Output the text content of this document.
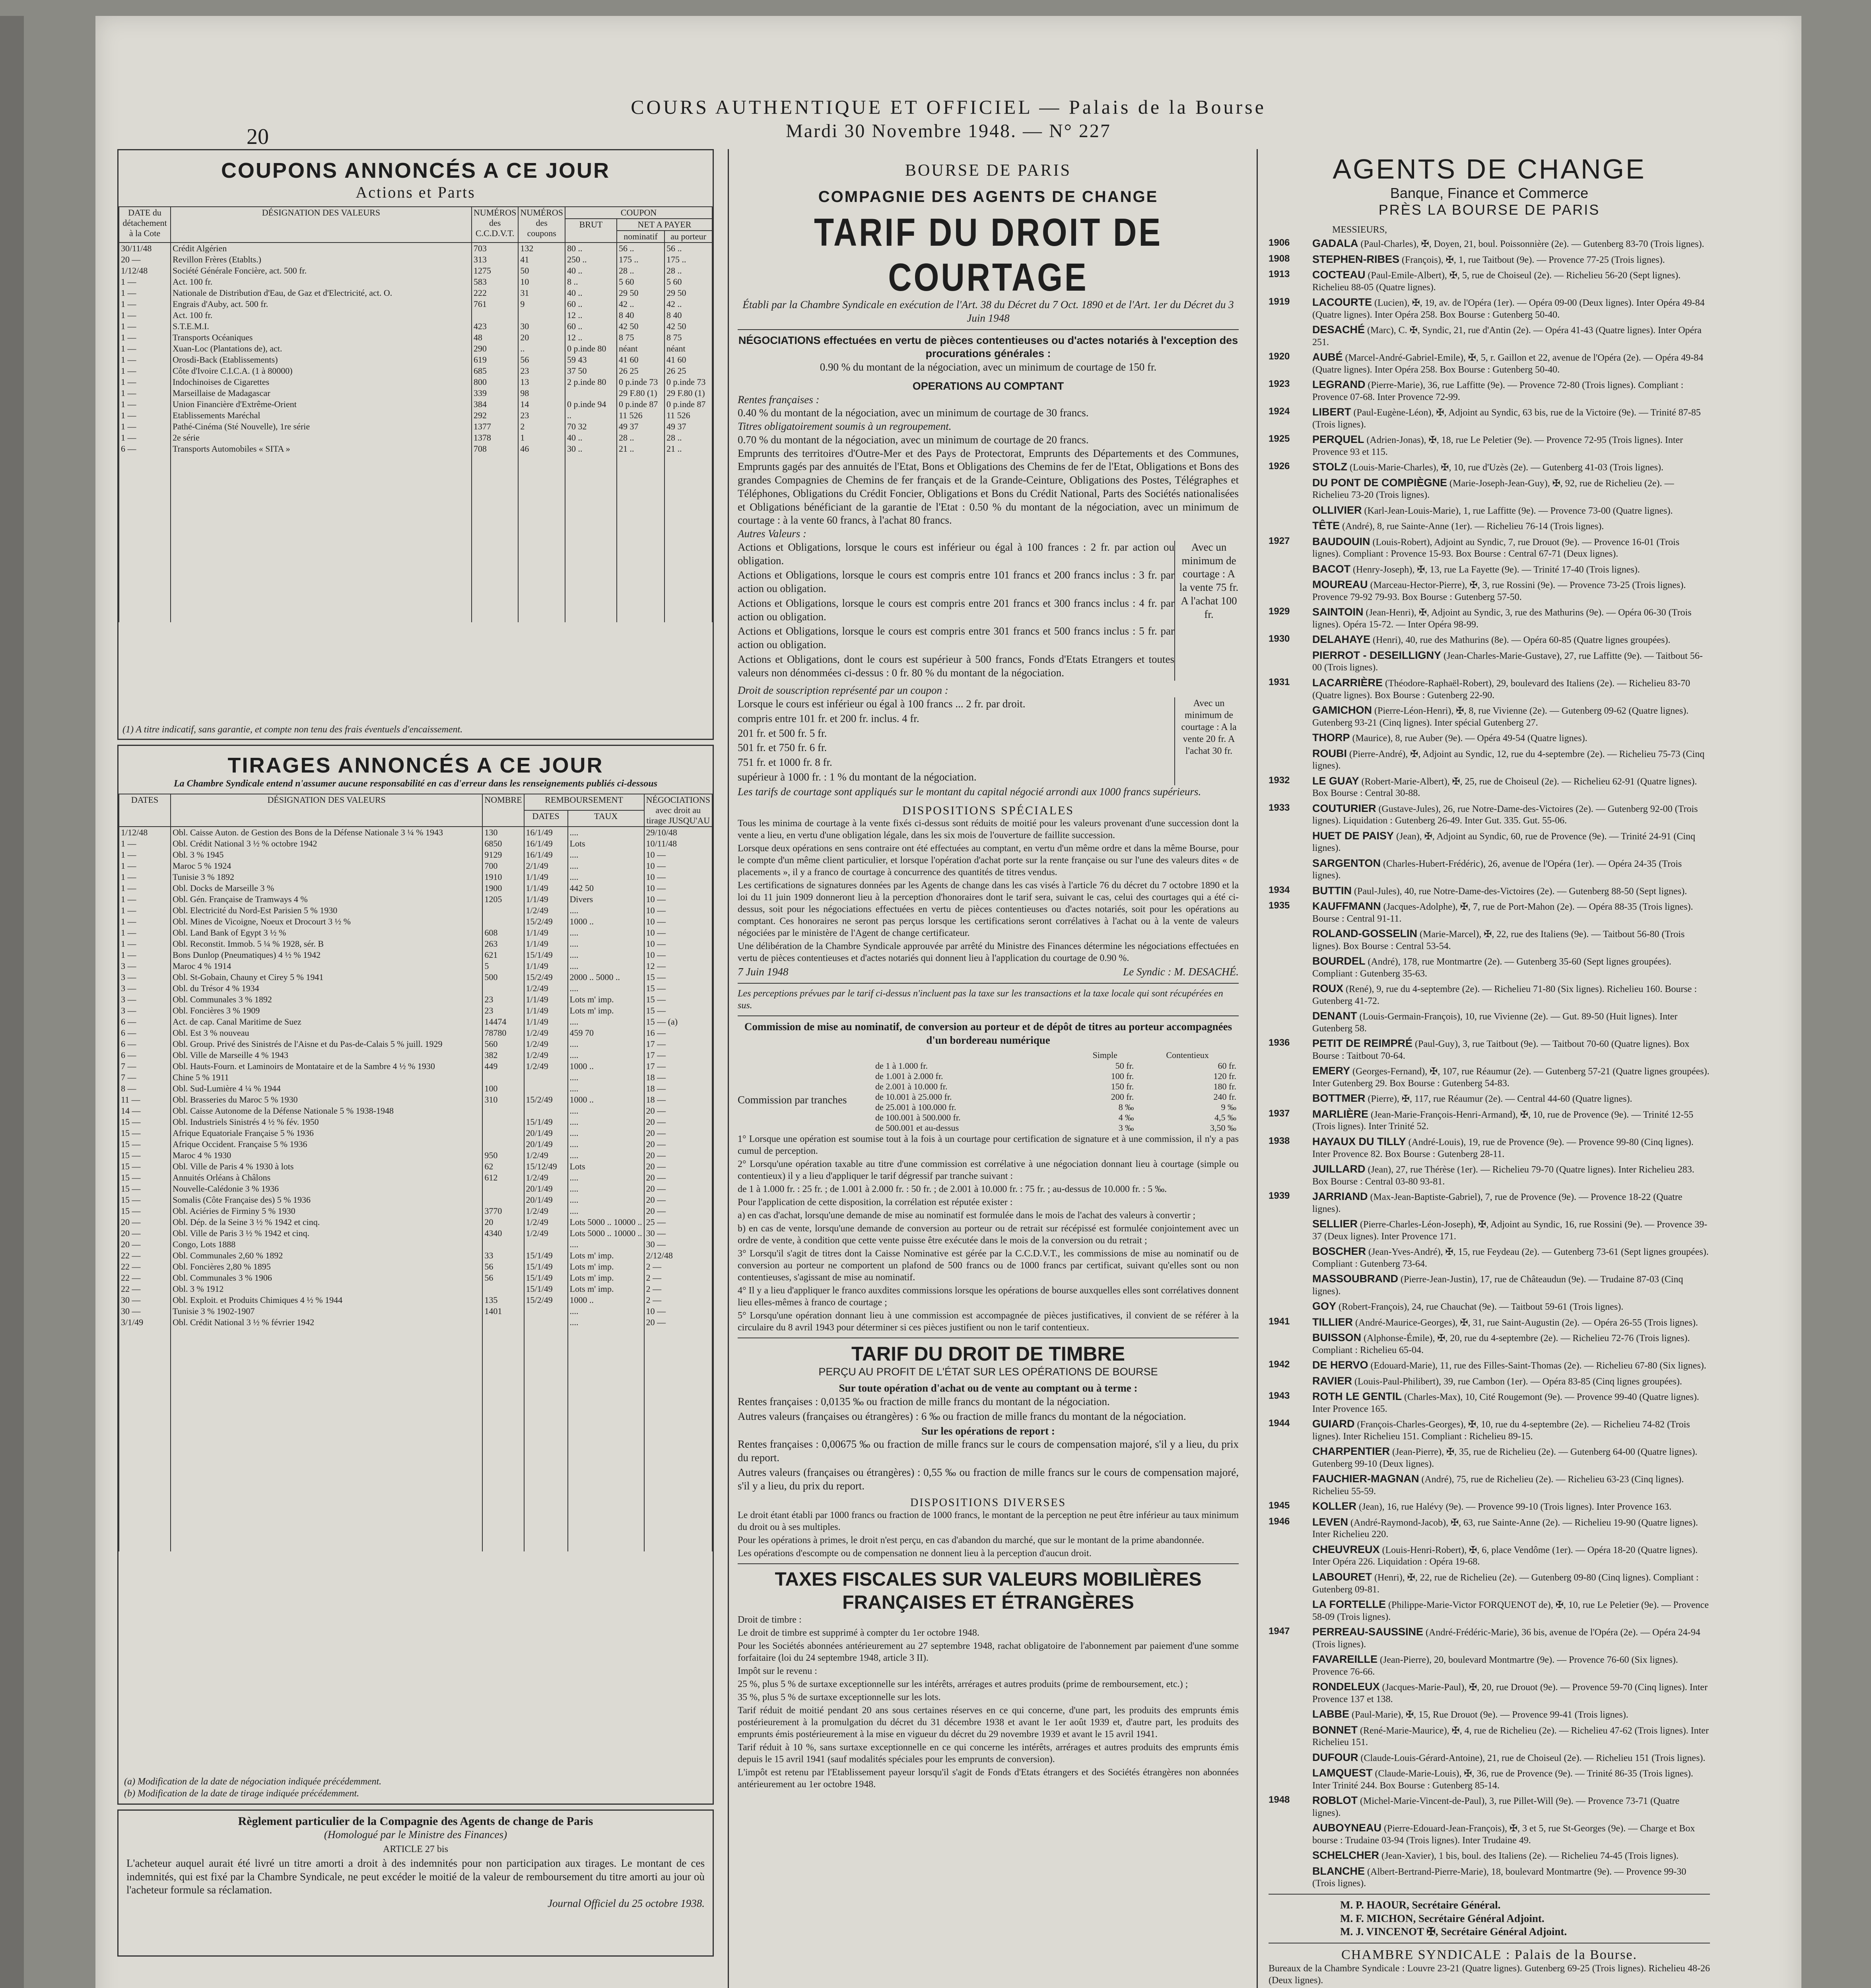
COURS AUTHENTIQUE ET OFFICIEL — Palais de la Bourse
Mardi 30 Novembre 1948. — N° 227
20
COUPONS ANNONCÉS A CE JOUR
Actions et Parts
DATE du détachement à la Cote	DÉSIGNATION DES VALEURS	NUMÉROS des C.C.D.V.T.	NUMÉROS des coupons	COUPON		
				BRUT	NET A PAYER	
					nominatif	au porteur
30/11/48	Crédit Algérien	703	132	80 ..	56 ..	56 ..
20 —	Revillon Frères (Etablts.)	313	41	250 ..	175 ..	175 ..
1/12/48	Société Générale Foncière, act. 500 fr.	1275	50	40 ..	28 ..	28 ..
1 —	Act. 100 fr.	583	10	8 ..	5 60	5 60
1 —	Nationale de Distribution d'Eau, de Gaz et d'Electricité, act. O.	222	31	40 ..	29 50	29 50
1 —	Engrais d'Auby, act. 500 fr.	761	9	60 ..	42 ..	42 ..
1 —	Act. 100 fr.			12 ..	8 40	8 40
1 —	S.T.E.M.I.	423	30	60 ..	42 50	42 50
1 —	Transports Océaniques	48	20	12 ..	8 75	8 75
1 —	Xuan-Loc (Plantations de), act.	290	..	0 p.inde 80	néant	néant
1 —	Orosdi-Back (Etablissements)	619	56	59 43	41 60	41 60
1 —	Côte d'Ivoire C.I.C.A. (1 à 80000)	685	23	37 50	26 25	26 25
1 —	Indochinoises de Cigarettes	800	13	2 p.inde 80	0 p.inde 73	0 p.inde 73
1 —	Marseillaise de Madagascar	339	98		29 F.80 (1)	29 F.80 (1)
1 —	Union Financière d'Extrême-Orient	384	14	0 p.inde 94	0 p.inde 87	0 p.inde 87
1 —	Etablissements Maréchal	292	23	..	11 526	11 526
1 —	Pathé-Cinéma (Sté Nouvelle), 1re série	1377	2	70 32	49 37	49 37
1 —	2e série	1378	1	40 ..	28 ..	28 ..
6 —	Transports Automobiles « SITA »	708	46	30 ..	21 ..	21 ..

(1) A titre indicatif, sans garantie, et compte non tenu des frais éventuels d'encaissement.
TIRAGES ANNONCÉS A CE JOUR
La Chambre Syndicale entend n'assumer aucune responsabilité en cas d'erreur dans les renseignements publiés ci-dessous
DATES	DÉSIGNATION DES VALEURS	NOMBRE	REMBOURSEMENT		NÉGOCIATIONS avec droit au tirage JUSQU'AU
			DATES	TAUX	
1/12/48	Obl. Caisse Auton. de Gestion des Bons de la Défense Nationale 3 ¼ % 1943	130	16/1/49	....	29/10/48
1 —	Obl. Crédit National 3 ½ % octobre 1942	6850	16/1/49	Lots	10/11/48
1 —	Obl. 3 % 1945	9129	16/1/49	....	10 —
1 —	Maroc 5 % 1924	700	2/1/49	....	10 —
1 —	Tunisie 3 % 1892	1910	1/1/49	....	10 —
1 —	Obl. Docks de Marseille 3 %	1900	1/1/49	442 50	10 —
1 —	Obl. Gén. Française de Tramways 4 %	1205	1/1/49	Divers	10 —
1 —	Obl. Electricité du Nord-Est Parisien 5 % 1930		1/2/49	....	10 —
1 —	Obl. Mines de Vicoigne, Noeux et Drocourt 3 ½ %		15/2/49	1000 ..	10 —
1 —	Obl. Land Bank of Egypt 3 ½ %	608	1/1/49	....	10 —
1 —	Obl. Reconstit. Immob. 5 ¼ % 1928, sér. B	263	1/1/49	....	10 —
1 —	Bons Dunlop (Pneumatiques) 4 ½ % 1942	621	15/1/49	....	10 —
3 —	Maroc 4 % 1914	5	1/1/49	....	12 —
3 —	Obl. St-Gobain, Chauny et Cirey 5 % 1941	500	15/2/49	2000 .. 5000 ..	15 —
3 —	Obl. du Trésor 4 % 1934		1/2/49	....	15 —
3 —	Obl. Communales 3 % 1892	23	1/1/49	Lots m' imp.	15 —
3 —	Obl. Foncières 3 % 1909	23	1/1/49	Lots m' imp.	15 —
6 —	Act. de cap. Canal Maritime de Suez	14474	1/1/49	....	15 — (a)
6 —	Obl. Est 3 % nouveau	78780	1/2/49	459 70	16 —
6 —	Obl. Group. Privé des Sinistrés de l'Aisne et du Pas-de-Calais 5 % juill. 1929	560	1/2/49	....	17 —
6 —	Obl. Ville de Marseille 4 % 1943	382	1/2/49	....	17 —
7 —	Obl. Hauts-Fourn. et Laminoirs de Montataire et de la Sambre 4 ½ % 1930	449	1/2/49	1000 ..	17 —
7 —	Chine 5 % 1911			....	18 —
8 —	Obl. Sud-Lumière 4 ¼ % 1944	100		....	18 —
11 —	Obl. Brasseries du Maroc 5 % 1930	310	15/2/49	1000 ..	18 —
14 —	Obl. Caisse Autonome de la Défense Nationale 5 % 1938-1948			....	20 —
15 —	Obl. Industriels Sinistrés 4 ½ % fév. 1950		15/1/49	....	20 —
15 —	Afrique Equatoriale Française 5 % 1936		20/1/49	....	20 —
15 —	Afrique Occident. Française 5 % 1936		20/1/49	....	20 —
15 —	Maroc 4 % 1930	950	1/2/49	....	20 —
15 —	Obl. Ville de Paris 4 % 1930 à lots	62	15/12/49	Lots	20 —
15 —	Annuités Orléans à Châlons	612	1/2/49	....	20 —
15 —	Nouvelle-Calédonie 3 % 1936		20/1/49	....	20 —
15 —	Somalis (Côte Française des) 5 % 1936		20/1/49	....	20 —
15 —	Obl. Aciéries de Firminy 5 % 1930	3770	1/2/49	....	20 —
20 —	Obl. Dép. de la Seine 3 ½ % 1942 et cinq.	20	1/2/49	Lots 5000 .. 10000 ..	25 —
20 —	Obl. Ville de Paris 3 ½ % 1942 et cinq.	4340	1/2/49	Lots 5000 .. 10000 ..	30 —
20 —	Congo, Lots 1888			....	30 —
22 —	Obl. Communales 2,60 % 1892	33	15/1/49	Lots m' imp.	2/12/48
22 —	Obl. Foncières 2,80 % 1895	56	15/1/49	Lots m' imp.	2 —
22 —	Obl. Communales 3 % 1906	56	15/1/49	Lots m' imp.	2 —
22 —	Obl. 3 % 1912		15/1/49	Lots m' imp.	2 —
30 —	Obl. Exploit. et Produits Chimiques 4 ½ % 1944	135	15/2/49	1000 ..	2 —
30 —	Tunisie 3 % 1902-1907	1401		....	10 —
3/1/49	Obl. Crédit National 3 ½ % février 1942			....	20 —

(a) Modification de la date de négociation indiquée précédemment.
(b) Modification de la date de tirage indiquée précédemment.
Règlement particulier de la Compagnie des Agents de change de Paris
(Homologué par le Ministre des Finances)
ARTICLE 27 bis
L'acheteur auquel aurait été livré un titre amorti a droit à des indemnités pour non participation aux tirages. Le montant de ces indemnités, qui est fixé par la Chambre Syndicale, ne peut excéder le moitié de la valeur de remboursement du titre amorti au jour où l'acheteur formule sa réclamation.
Journal Officiel du 25 octobre 1938.
BOURSE DE PARIS
COMPAGNIE DES AGENTS DE CHANGE
TARIF DU DROIT DE COURTAGE
Établi par la Chambre Syndicale en exécution de l'Art. 38 du Décret du 7 Oct. 1890 et de l'Art. 1er du Décret du 3 Juin 1948
NÉGOCIATIONS effectuées en vertu de pièces contentieuses ou d'actes notariés à l'exception des procurations générales :
0.90 % du montant de la négociation, avec un minimum de courtage de 150 fr.
OPERATIONS AU COMPTANT
Rentes françaises :
0.40 % du montant de la négociation, avec un minimum de courtage de 30 francs.
Titres obligatoirement soumis à un regroupement.
0.70 % du montant de la négociation, avec un minimum de courtage de 20 francs.
Emprunts des territoires d'Outre-Mer et des Pays de Protectorat, Emprunts des Départements et des Communes, Emprunts gagés par des annuités de l'Etat, Bons et Obligations des Chemins de fer de l'Etat, Obligations et Bons des grandes Compagnies de Chemins de fer français et de la Grande-Ceinture, Obligations des Postes, Télégraphes et Téléphones, Obligations du Crédit Foncier, Obligations et Bons du Crédit National, Parts des Sociétés nationalisées et Obligations bénéficiant de la garantie de l'Etat : 0.50 % du montant de la négociation, avec un minimum de courtage : à la vente 60 francs, à l'achat 80 francs.
Autres Valeurs :
Actions et Obligations, lorsque le cours est inférieur ou égal à 100 frances : 2 fr. par action ou obligation.
Actions et Obligations, lorsque le cours est compris entre 101 francs et 200 francs inclus : 3 fr. par action ou obligation.
Actions et Obligations, lorsque le cours est compris entre 201 francs et 300 francs inclus : 4 fr. par action ou obligation.
Actions et Obligations, lorsque le cours est compris entre 301 francs et 500 francs inclus : 5 fr. par action ou obligation.
Actions et Obligations, dont le cours est supérieur à 500 francs, Fonds d'Etats Etrangers et toutes valeurs non dénommées ci-dessus : 0 fr. 80 % du montant de la négociation.
Avec un minimum de courtage : A la vente 75 fr. A l'achat 100 fr.
Droit de souscription représenté par un coupon :
Lorsque le cours est inférieur ou égal à 100 francs ... 2 fr. par droit.
compris entre 101 fr. et 200 fr. inclus. 4 fr.
201 fr. et 500 fr. 5 fr.
501 fr. et 750 fr. 6 fr.
751 fr. et 1000 fr. 8 fr.
supérieur à 1000 fr. : 1 % du montant de la négociation.
Avec un minimum de courtage : A la vente 20 fr. A l'achat 30 fr.
Les tarifs de courtage sont appliqués sur le montant du capital négocié arrondi aux 1000 francs supérieurs.
DISPOSITIONS SPÉCIALES
Tous les minima de courtage à la vente fixés ci-dessus sont réduits de moitié pour les valeurs provenant d'une succession dont la vente a lieu, en vertu d'une obligation légale, dans les six mois de l'ouverture de faillite succession.
Lorsque deux opérations en sens contraire ont été effectuées au comptant, en vertu d'un même ordre et dans la même Bourse, pour le compte d'un même client particulier, et lorsque l'opération d'achat porte sur la rente française ou sur l'une des valeurs dites « de placements », il y a franco de courtage à concurrence des quantités de titres vendus.
Les certifications de signatures données par les Agents de change dans les cas visés à l'article 76 du décret du 7 octobre 1890 et la loi du 11 juin 1909 donneront lieu à la perception d'honoraires dont le tarif sera, suivant le cas, celui des courtages qui a été ci-dessus, soit pour les négociations effectuées en vertu de pièces contentieuses ou d'actes notariés, soit pour les opérations au comptant. Ces honoraires ne seront pas perçus lorsque les certifications seront corrélatives à l'achat ou à la vente de valeurs négociées par le ministère de l'Agent de change certificateur.
Une délibération de la Chambre Syndicale approuvée par arrêté du Ministre des Finances détermine les négociations effectuées en vertu de pièces contentieuses et d'actes notariés qui donnent lieu à l'application du courtage de 0.90 %.
7 Juin 1948	Le Syndic : M. DESACHÉ.
Les perceptions prévues par le tarif ci-dessus n'incluent pas la taxe sur les transactions et la taxe locale qui sont récupérées en sus.
Commission de mise au nominatif, de conversion au porteur et de dépôt de titres au porteur accompagnées d'un bordereau numérique
Commission par tranches
	Simple	Contentieux
de 1 à 1.000 fr.	50 fr.	60 fr.
de 1.001 à 2.000 fr.	100 fr.	120 fr.
de 2.001 à 10.000 fr.	150 fr.	180 fr.
de 10.001 à 25.000 fr.	200 fr.	240 fr.
de 25.001 à 100.000 fr.	8 ‰	9 ‰
de 100.001 à 500.000 fr.	4 ‰	4,5 ‰
de 500.001 et au-dessus	3 ‰	3,50 ‰
1° Lorsque une opération est soumise tout à la fois à un courtage pour certification de signature et à une commission, il n'y a pas cumul de perception.
2° Lorsqu'une opération taxable au titre d'une commission est corrélative à une négociation donnant lieu à courtage (simple ou contentieux) il y a lieu d'appliquer le tarif dégressif par tranche suivant :
de 1 à 1.000 fr. : 25 fr. ; de 1.001 à 2.000 fr. : 50 fr. ; de 2.001 à 10.000 fr. : 75 fr. ; au-dessus de 10.000 fr. : 5 ‰.
Pour l'application de cette disposition, la corrélation est réputée exister :
a) en cas d'achat, lorsqu'une demande de mise au nominatif est formulée dans le mois de l'achat des valeurs à convertir ;
b) en cas de vente, lorsqu'une demande de conversion au porteur ou de retrait sur récépissé est formulée conjointement avec un ordre de vente, à condition que cette vente puisse être exécutée dans le mois de la conversion ou du retrait ;
3° Lorsqu'il s'agit de titres dont la Caisse Nominative est gérée par la C.C.D.V.T., les commissions de mise au nominatif ou de conversion au porteur ne comportent un plafond de 500 francs ou de 1000 francs par certificat, suivant qu'elles sont ou non contentieuses, s'agissant de mise au nominatif.
4° Il y a lieu d'appliquer le franco auxdites commissions lorsque les opérations de bourse auxquelles elles sont corrélatives donnent lieu elles-mêmes à franco de courtage ;
5° Lorsqu'une opération donnant lieu à une commission est accompagnée de pièces justificatives, il convient de se référer à la circulaire du 8 avril 1943 pour déterminer si ces pièces justifient ou non le tarif contentieux.
TARIF DU DROIT DE TIMBRE
PERÇU AU PROFIT DE L'ÉTAT SUR LES OPÉRATIONS DE BOURSE
Sur toute opération d'achat ou de vente au comptant ou à terme :
Rentes françaises : 0,0135 ‰ ou fraction de mille francs du montant de la négociation.
Autres valeurs (françaises ou étrangères) : 6 ‰ ou fraction de mille francs du montant de la négociation.
Sur les opérations de report :
Rentes françaises : 0,00675 ‰ ou fraction de mille francs sur le cours de compensation majoré, s'il y a lieu, du prix du report.
Autres valeurs (françaises ou étrangères) : 0,55 ‰ ou fraction de mille francs sur le cours de compensation majoré, s'il y a lieu, du prix du report.
DISPOSITIONS DIVERSES
Le droit étant établi par 1000 francs ou fraction de 1000 francs, le montant de la perception ne peut être inférieur au taux minimum du droit ou à ses multiples.
Pour les opérations à primes, le droit n'est perçu, en cas d'abandon du marché, que sur le montant de la prime abandonnée.
Les opérations d'escompte ou de compensation ne donnent lieu à la perception d'aucun droit.
TAXES FISCALES SUR VALEURS MOBILIÈRES FRANÇAISES ET ÉTRANGÈRES
Droit de timbre :
Le droit de timbre est supprimé à compter du 1er octobre 1948.
Pour les Sociétés abonnées antérieurement au 27 septembre 1948, rachat obligatoire de l'abonnement par paiement d'une somme forfaitaire (loi du 24 septembre 1948, article 3 II).
Impôt sur le revenu :
25 %, plus 5 % de surtaxe exceptionnelle sur les intérêts, arrérages et autres produits (prime de remboursement, etc.) ;
35 %, plus 5 % de surtaxe exceptionnelle sur les lots.
Tarif réduit de moitié pendant 20 ans sous certaines réserves en ce qui concerne, d'une part, les produits des emprunts émis postérieurement à la promulgation du décret du 31 décembre 1938 et avant le 1er août 1939 et, d'autre part, les produits des emprunts émis postérieurement à la mise en vigueur du décret du 29 novembre 1939 et avant le 15 avril 1941.
Tarif réduit à 10 %, sans surtaxe exceptionnelle en ce qui concerne les intérêts, arrérages et autres produits des emprunts émis depuis le 15 avril 1941 (sauf modalités spéciales pour les emprunts de conversion).
L'impôt est retenu par l'Etablissement payeur lorsqu'il s'agit de Fonds d'Etats étrangers et des Sociétés étrangères non abonnées antérieurement au 1er octobre 1948.
AGENTS DE CHANGE
Banque, Finance et Commerce
PRÈS LA BOURSE DE PARIS
MESSIEURS,
1906 GADALA (Paul-Charles), ✠, Doyen, 21, boul. Poissonnière (2e). — Gutenberg 83-70 (Trois lignes).
1908 STEPHEN-RIBES (François), ✠, 1, rue Taitbout (9e). — Provence 77-25 (Trois lignes).
1913 COCTEAU (Paul-Emile-Albert), ✠, 5, rue de Choiseul (2e). — Richelieu 56-20 (Sept lignes). Richelieu 88-05 (Quatre lignes).
1919 LACOURTE (Lucien), ✠, 19, av. de l'Opéra (1er). — Opéra 09-00 (Deux lignes). Inter Opéra 49-84 (Quatre lignes). Inter Opéra 258. Box Bourse : Gutenberg 50-40.
DESACHÉ (Marc), C. ✠, Syndic, 21, rue d'Antin (2e). — Opéra 41-43 (Quatre lignes). Inter Opéra 251.
1920 AUBÉ (Marcel-André-Gabriel-Emile), ✠, 5, r. Gaillon et 22, avenue de l'Opéra (2e). — Opéra 49-84 (Quatre lignes). Inter Opéra 258. Box Bourse : Gutenberg 50-40.
1923 LEGRAND (Pierre-Marie), 36, rue Laffitte (9e). — Provence 72-80 (Trois lignes). Compliant : Provence 07-68. Inter Provence 72-99.
1924 LIBERT (Paul-Eugène-Léon), ✠, Adjoint au Syndic, 63 bis, rue de la Victoire (9e). — Trinité 87-85 (Trois lignes).
1925 PERQUEL (Adrien-Jonas), ✠, 18, rue Le Peletier (9e). — Provence 72-95 (Trois lignes). Inter Provence 93 et 115.
1926 STOLZ (Louis-Marie-Charles), ✠, 10, rue d'Uzès (2e). — Gutenberg 41-03 (Trois lignes).
DU PONT DE COMPIÈGNE (Marie-Joseph-Jean-Guy), ✠, 92, rue de Richelieu (2e). — Richelieu 73-20 (Trois lignes).
OLLIVIER (Karl-Jean-Louis-Marie), 1, rue Laffitte (9e). — Provence 73-00 (Quatre lignes).
TÊTE (André), 8, rue Sainte-Anne (1er). — Richelieu 76-14 (Trois lignes).
1927 BAUDOUIN (Louis-Robert), Adjoint au Syndic, 7, rue Drouot (9e). — Provence 16-01 (Trois lignes). Compliant : Provence 15-93. Box Bourse : Central 67-71 (Deux lignes).
BACOT (Henry-Joseph), ✠, 13, rue La Fayette (9e). — Trinité 17-40 (Trois lignes).
MOUREAU (Marceau-Hector-Pierre), ✠, 3, rue Rossini (9e). — Provence 73-25 (Trois lignes). Provence 79-92 79-93. Box Bourse : Gutenberg 57-50.
1929 SAINTOIN (Jean-Henri), ✠, Adjoint au Syndic, 3, rue des Mathurins (9e). — Opéra 06-30 (Trois lignes). Opéra 15-72. — Inter Opéra 98-99.
1930 DELAHAYE (Henri), 40, rue des Mathurins (8e). — Opéra 60-85 (Quatre lignes groupées).
PIERROT - DESEILLIGNY (Jean-Charles-Marie-Gustave), 27, rue Laffitte (9e). — Taitbout 56-00 (Trois lignes).
1931 LACARRIÈRE (Théodore-Raphaël-Robert), 29, boulevard des Italiens (2e). — Richelieu 83-70 (Quatre lignes). Box Bourse : Gutenberg 22-90.
GAMICHON (Pierre-Léon-Henri), ✠, 8, rue Vivienne (2e). — Gutenberg 09-62 (Quatre lignes). Gutenberg 93-21 (Cinq lignes). Inter spécial Gutenberg 27.
THORP (Maurice), 8, rue Auber (9e). — Opéra 49-54 (Quatre lignes).
ROUBI (Pierre-André), ✠, Adjoint au Syndic, 12, rue du 4-septembre (2e). — Richelieu 75-73 (Cinq lignes).
1932 LE GUAY (Robert-Marie-Albert), ✠, 25, rue de Choiseul (2e). — Richelieu 62-91 (Quatre lignes). Box Bourse : Central 30-88.
1933 COUTURIER (Gustave-Jules), 26, rue Notre-Dame-des-Victoires (2e). — Gutenberg 92-00 (Trois lignes). Liquidation : Gutenberg 26-49. Inter Gut. 335. Gut. 55-06.
HUET DE PAISY (Jean), ✠, Adjoint au Syndic, 60, rue de Provence (9e). — Trinité 24-91 (Cinq lignes).
SARGENTON (Charles-Hubert-Frédéric), 26, avenue de l'Opéra (1er). — Opéra 24-35 (Trois lignes).
1934 BUTTIN (Paul-Jules), 40, rue Notre-Dame-des-Victoires (2e). — Gutenberg 88-50 (Sept lignes).
1935 KAUFFMANN (Jacques-Adolphe), ✠, 7, rue de Port-Mahon (2e). — Opéra 88-35 (Trois lignes). Bourse : Central 91-11.
ROLAND-GOSSELIN (Marie-Marcel), ✠, 22, rue des Italiens (9e). — Taitbout 56-80 (Trois lignes). Box Bourse : Central 53-54.
BOURDEL (André), 178, rue Montmartre (2e). — Gutenberg 35-60 (Sept lignes groupées). Compliant : Gutenberg 35-63.
ROUX (René), 9, rue du 4-septembre (2e). — Richelieu 71-80 (Six lignes). Richelieu 160. Bourse : Gutenberg 41-72.
DENANT (Louis-Germain-François), 10, rue Vivienne (2e). — Gut. 89-50 (Huit lignes). Inter Gutenberg 58.
1936 PETIT DE REIMPRÉ (Paul-Guy), 3, rue Taitbout (9e). — Taitbout 70-60 (Quatre lignes). Box Bourse : Taitbout 70-64.
EMERY (Georges-Fernand), ✠, 107, rue Réaumur (2e). — Gutenberg 57-21 (Quatre lignes groupées). Inter Gutenberg 29. Box Bourse : Gutenberg 54-83.
BOTTMER (Pierre), ✠, 117, rue Réaumur (2e). — Central 44-60 (Quatre lignes).
1937 MARLIÈRE (Jean-Marie-François-Henri-Armand), ✠, 10, rue de Provence (9e). — Trinité 12-55 (Trois lignes). Inter Trinité 52.
1938 HAYAUX DU TILLY (André-Louis), 19, rue de Provence (9e). — Provence 99-80 (Cinq lignes). Inter Provence 82. Box Bourse : Gutenberg 28-11.
JUILLARD (Jean), 27, rue Thérèse (1er). — Richelieu 79-70 (Quatre lignes). Inter Richelieu 283. Box Bourse : Central 03-80 93-81.
1939 JARRIAND (Max-Jean-Baptiste-Gabriel), 7, rue de Provence (9e). — Provence 18-22 (Quatre lignes).
SELLIER (Pierre-Charles-Léon-Joseph), ✠, Adjoint au Syndic, 16, rue Rossini (9e). — Provence 39-37 (Deux lignes). Inter Provence 171.
BOSCHER (Jean-Yves-André), ✠, 15, rue Feydeau (2e). — Gutenberg 73-61 (Sept lignes groupées). Compliant : Gutenberg 73-64.
MASSOUBRAND (Pierre-Jean-Justin), 17, rue de Châteaudun (9e). — Trudaine 87-03 (Cinq lignes).
GOY (Robert-François), 24, rue Chauchat (9e). — Taitbout 59-61 (Trois lignes).
1941 TILLIER (André-Maurice-Georges), ✠, 31, rue Saint-Augustin (2e). — Opéra 26-55 (Trois lignes).
BUISSON (Alphonse-Émile), ✠, 20, rue du 4-septembre (2e). — Richelieu 72-76 (Trois lignes). Compliant : Richelieu 65-04.
1942 DE HERVO (Edouard-Marie), 11, rue des Filles-Saint-Thomas (2e). — Richelieu 67-80 (Six lignes).
RAVIER (Louis-Paul-Philibert), 39, rue Cambon (1er). — Opéra 83-85 (Cinq lignes groupées).
1943 ROTH LE GENTIL (Charles-Max), 10, Cité Rougemont (9e). — Provence 99-40 (Quatre lignes). Inter Provence 165.
1944 GUIARD (François-Charles-Georges), ✠, 10, rue du 4-septembre (2e). — Richelieu 74-82 (Trois lignes). Inter Richelieu 151. Compliant : Richelieu 89-15.
CHARPENTIER (Jean-Pierre), ✠, 35, rue de Richelieu (2e). — Gutenberg 64-00 (Quatre lignes). Gutenberg 99-10 (Deux lignes).
FAUCHIER-MAGNAN (André), 75, rue de Richelieu (2e). — Richelieu 63-23 (Cinq lignes). Richelieu 55-59.
1945 KOLLER (Jean), 16, rue Halévy (9e). — Provence 99-10 (Trois lignes). Inter Provence 163.
1946 LEVEN (André-Raymond-Jacob), ✠, 63, rue Sainte-Anne (2e). — Richelieu 19-90 (Quatre lignes). Inter Richelieu 220.
CHEUVREUX (Louis-Henri-Robert), ✠, 6, place Vendôme (1er). — Opéra 18-20 (Quatre lignes). Inter Opéra 226. Liquidation : Opéra 19-68.
LABOURET (Henri), ✠, 22, rue de Richelieu (2e). — Gutenberg 09-80 (Cinq lignes). Compliant : Gutenberg 09-81.
LA FORTELLE (Philippe-Marie-Victor FORQUENOT de), ✠, 10, rue Le Peletier (9e). — Provence 58-09 (Trois lignes).
1947 PERREAU-SAUSSINE (André-Frédéric-Marie), 36 bis, avenue de l'Opéra (2e). — Opéra 24-94 (Trois lignes).
FAVAREILLE (Jean-Pierre), 20, boulevard Montmartre (9e). — Provence 76-60 (Six lignes). Provence 76-66.
RONDELEUX (Jacques-Marie-Paul), ✠, 20, rue Drouot (9e). — Provence 59-70 (Cinq lignes). Inter Provence 137 et 138.
LABBE (Paul-Marie), ✠, 15, Rue Drouot (9e). — Provence 99-41 (Trois lignes).
BONNET (René-Marie-Maurice), ✠, 4, rue de Richelieu (2e). — Richelieu 47-62 (Trois lignes). Inter Richelieu 151.
DUFOUR (Claude-Louis-Gérard-Antoine), 21, rue de Choiseul (2e). — Richelieu 151 (Trois lignes).
LAMQUEST (Claude-Marie-Louis), ✠, 36, rue de Provence (9e). — Trinité 86-35 (Trois lignes). Inter Trinité 244. Box Bourse : Gutenberg 85-14.
1948 ROBLOT (Michel-Marie-Vincent-de-Paul), 3, rue Pillet-Will (9e). — Provence 73-71 (Quatre lignes).
AUBOYNEAU (Pierre-Edouard-Jean-François), ✠, 3 et 5, rue St-Georges (9e). — Charge et Box bourse : Trudaine 03-94 (Trois lignes). Inter Trudaine 49.
SCHELCHER (Jean-Xavier), 1 bis, boul. des Italiens (2e). — Richelieu 74-45 (Trois lignes).
BLANCHE (Albert-Bertrand-Pierre-Marie), 18, boulevard Montmartre (9e). — Provence 99-30 (Trois lignes).
M. P. HAOUR, Secrétaire Général.
M. F. MICHON, Secrétaire Général Adjoint.
M. J. VINCENOT ✠, Secrétaire Général Adjoint.
CHAMBRE SYNDICALE : Palais de la Bourse.
Bureaux de la Chambre Syndicale : Louvre 23-21 (Quatre lignes). Gutenberg 69-25 (Trois lignes). Richelieu 48-26 (Deux lignes).
